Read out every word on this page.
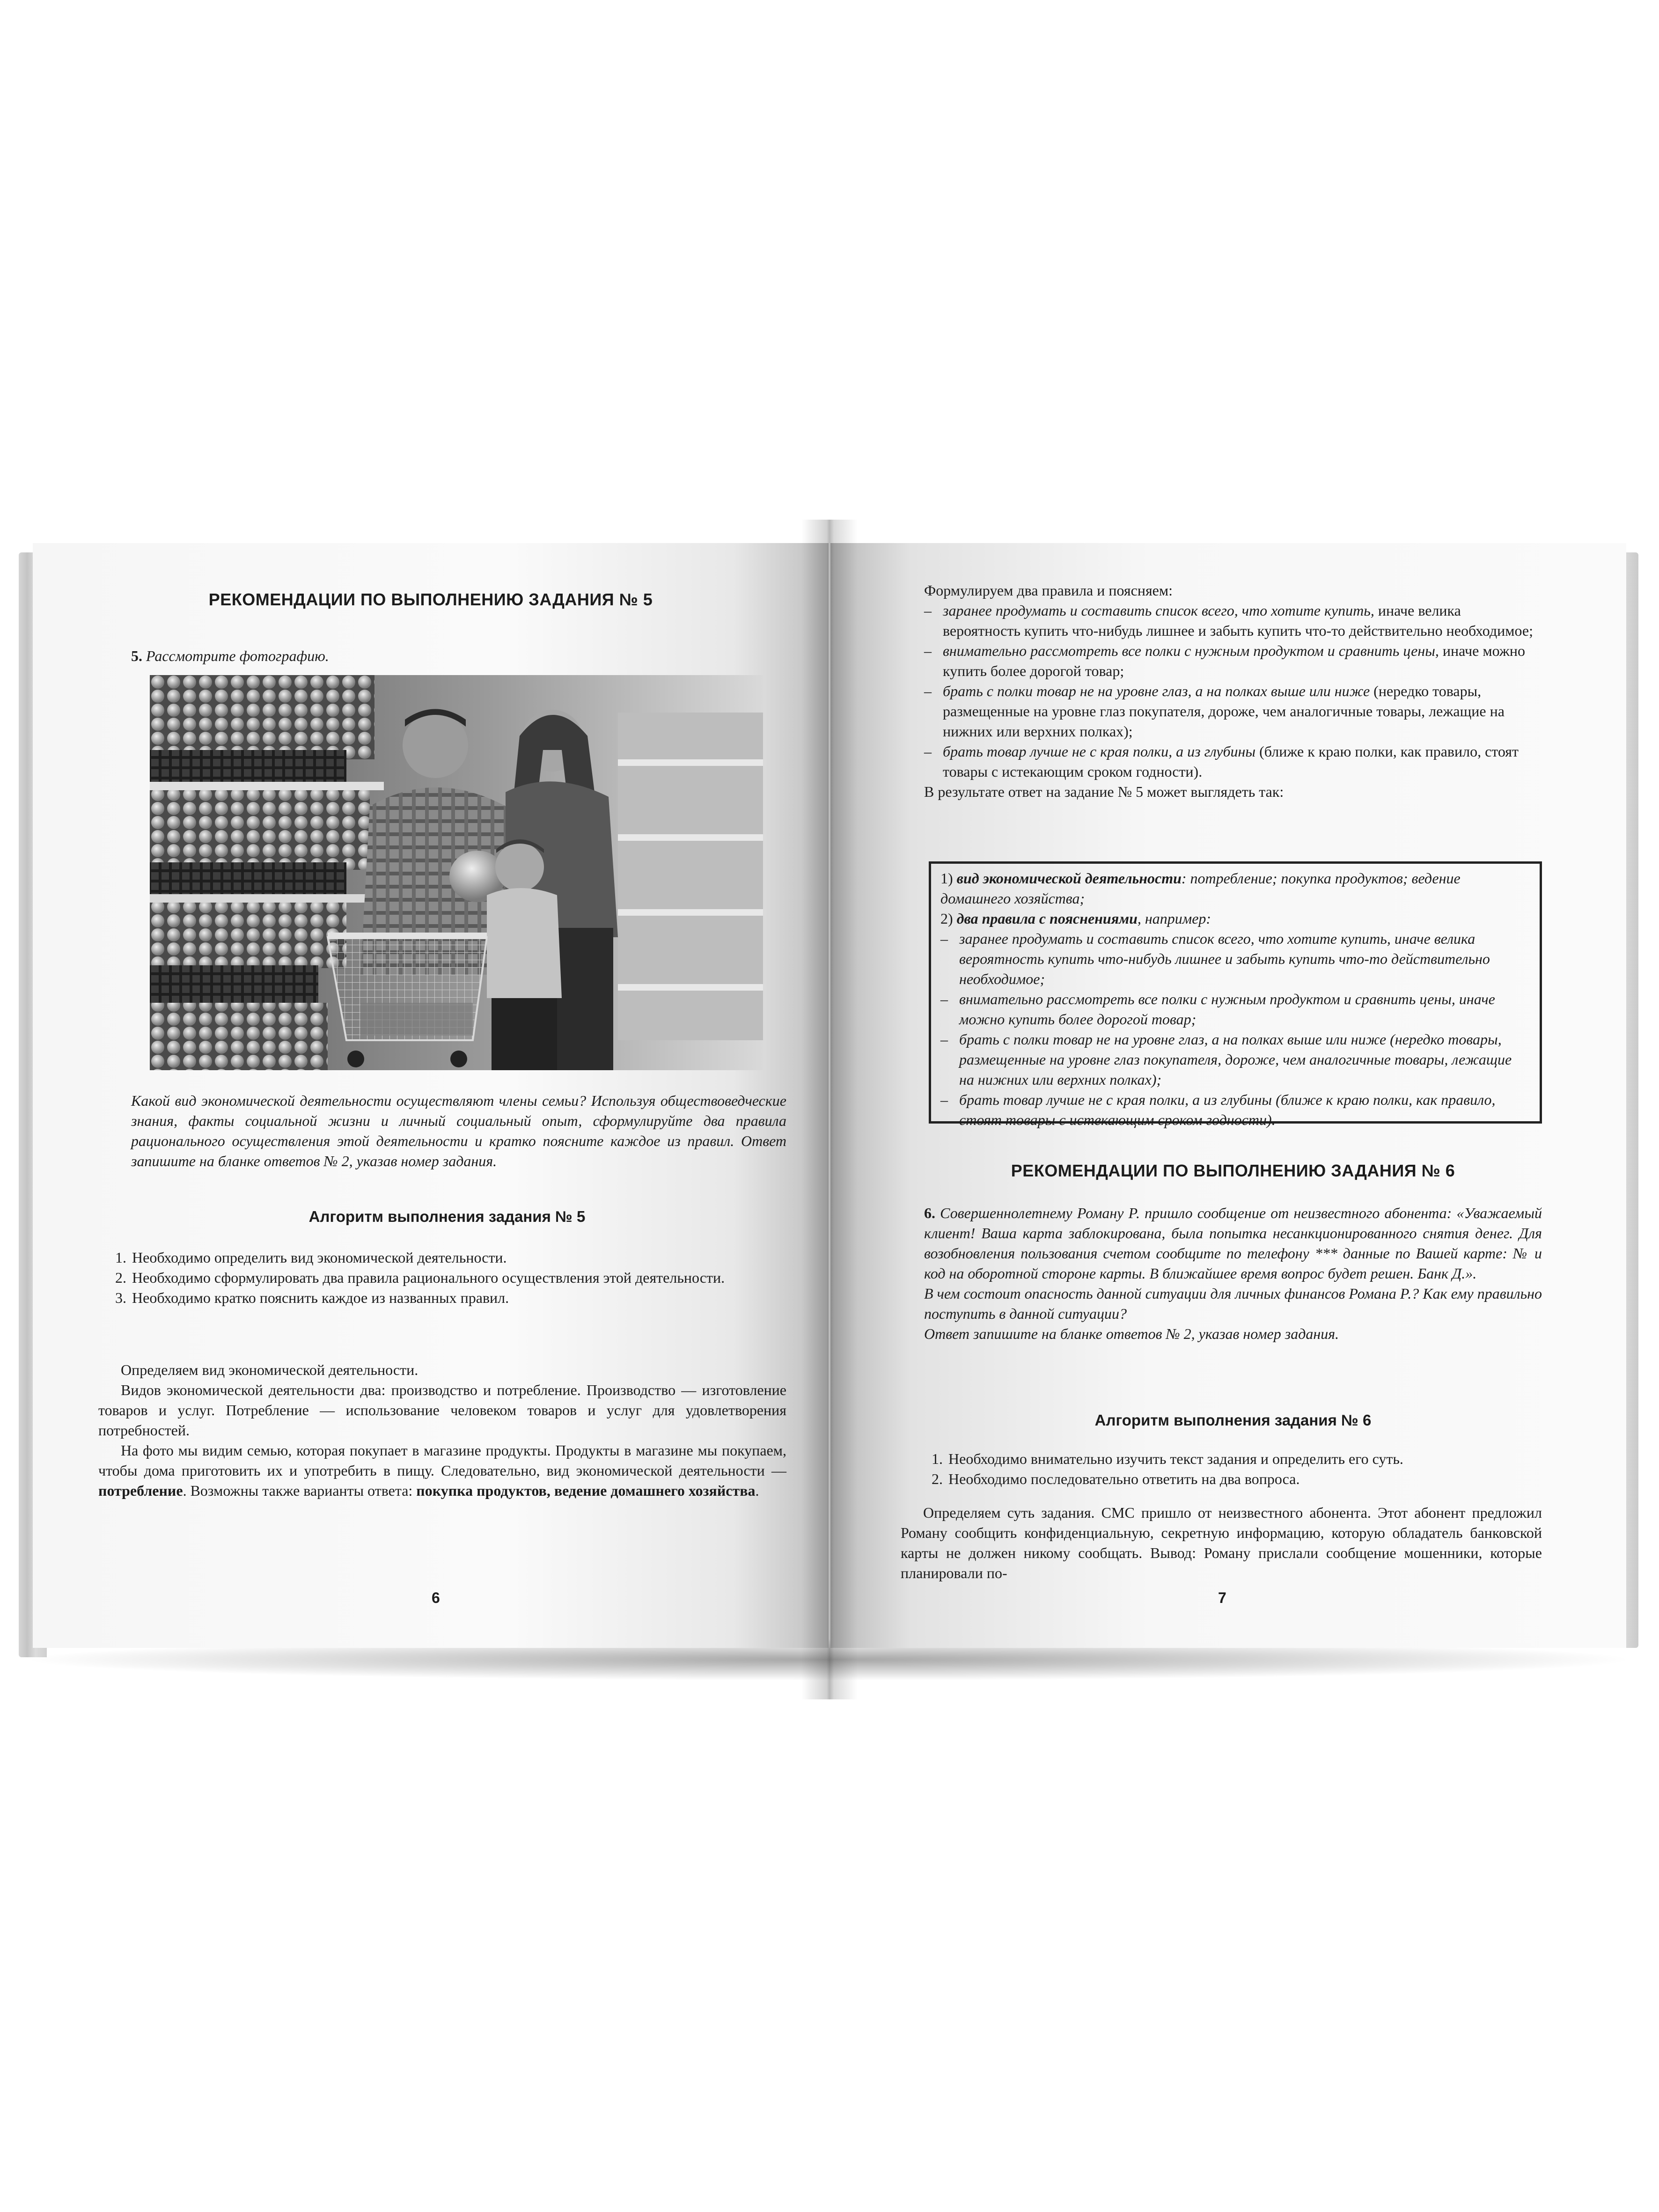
РЕКОМЕНДАЦИИ ПО ВЫПОЛНЕНИЮ ЗАДАНИЯ № 5

5. Рассмотрите фотографию.

Какой вид экономической деятельности осуществляют члены семьи? Используя обществоведческие знания, факты социальной жизни и личный социальный опыт, сформулируйте два правила рационального осуществления этой деятельности и кратко поясните каждое из правил. Ответ запишите на бланке ответов № 2, указав номер задания.

Алгоритм выполнения задания № 5
1. Необходимо определить вид экономической деятельности.
2. Необходимо сформулировать два правила рационального осуществления этой деятельности.
3. Необходимо кратко пояснить каждое из названных правил.

Определяем вид экономической деятельности.

Видов экономической деятельности два: производство и потребление. Производство — изготовление товаров и услуг. Потребление — использование человеком товаров и услуг для удовлетворения потребностей.

На фото мы видим семью, которая покупает в магазине продукты. Продукты в магазине мы покупаем, чтобы дома приготовить их и употребить в пищу. Следовательно, вид экономической деятельности — потребление. Возможны также варианты ответа: покупка продуктов, ведение домашнего хозяйства.

6

Формулируем два правила и поясняем:

– заранее продумать и составить список всего, что хотите купить, иначе велика вероятность купить что-нибудь лишнее и забыть купить что-то действительно необходимое;
– внимательно рассмотреть все полки с нужным продуктом и сравнить цены, иначе можно купить более дорогой товар;
– брать с полки товар не на уровне глаз, а на полках выше или ниже (нередко товары, размещенные на уровне глаз покупателя, дороже, чем аналогичные товары, лежащие на нижних или верхних полках);
– брать товар лучше не с края полки, а из глубины (ближе к краю полки, как правило, стоят товары с истекающим сроком годности).

В результате ответ на задание № 5 может выглядеть так:

1) вид экономической деятельности: потребление; покупка продуктов; ведение домашнего хозяйства;

2) два правила с пояснениями, например:

– заранее продумать и составить список всего, что хотите купить, иначе велика вероятность купить что-нибудь лишнее и забыть купить что-то действительно необходимое;
– внимательно рассмотреть все полки с нужным продуктом и сравнить цены, иначе можно купить более дорогой товар;
– брать с полки товар не на уровне глаз, а на полках выше или ниже (нередко товары, размещенные на уровне глаз покупателя, дороже, чем аналогичные товары, лежащие на нижних или верхних полках);
– брать товар лучше не с края полки, а из глубины (ближе к краю полки, как правило, стоят товары с истекающим сроком годности).
РЕКОМЕНДАЦИИ ПО ВЫПОЛНЕНИЮ ЗАДАНИЯ № 6

6. Совершеннолетнему Роману Р. пришло сообщение от неизвестного абонента: «Уважаемый клиент! Ваша карта заблокирована, была попытка несанкционированного снятия денег. Для возобновления пользования счетом сообщите по телефону *** данные по Вашей карте: № и код на оборотной стороне карты. В ближайшее время вопрос будет решен. Банк Д.».

В чем состоит опасность данной ситуации для личных финансов Романа Р.? Как ему правильно поступить в данной ситуации?

Ответ запишите на бланке ответов № 2, указав номер задания.

Алгоритм выполнения задания № 6
1. Необходимо внимательно изучить текст задания и определить его суть.
2. Необходимо последовательно ответить на два вопроса.

Определяем суть задания. СМС пришло от неизвестного абонента. Этот абонент предложил Роману сообщить конфиденциальную, секретную информацию, которую обладатель банковской карты не должен никому сообщать. Вывод: Роману прислали сообщение мошенники, которые планировали по-

7
